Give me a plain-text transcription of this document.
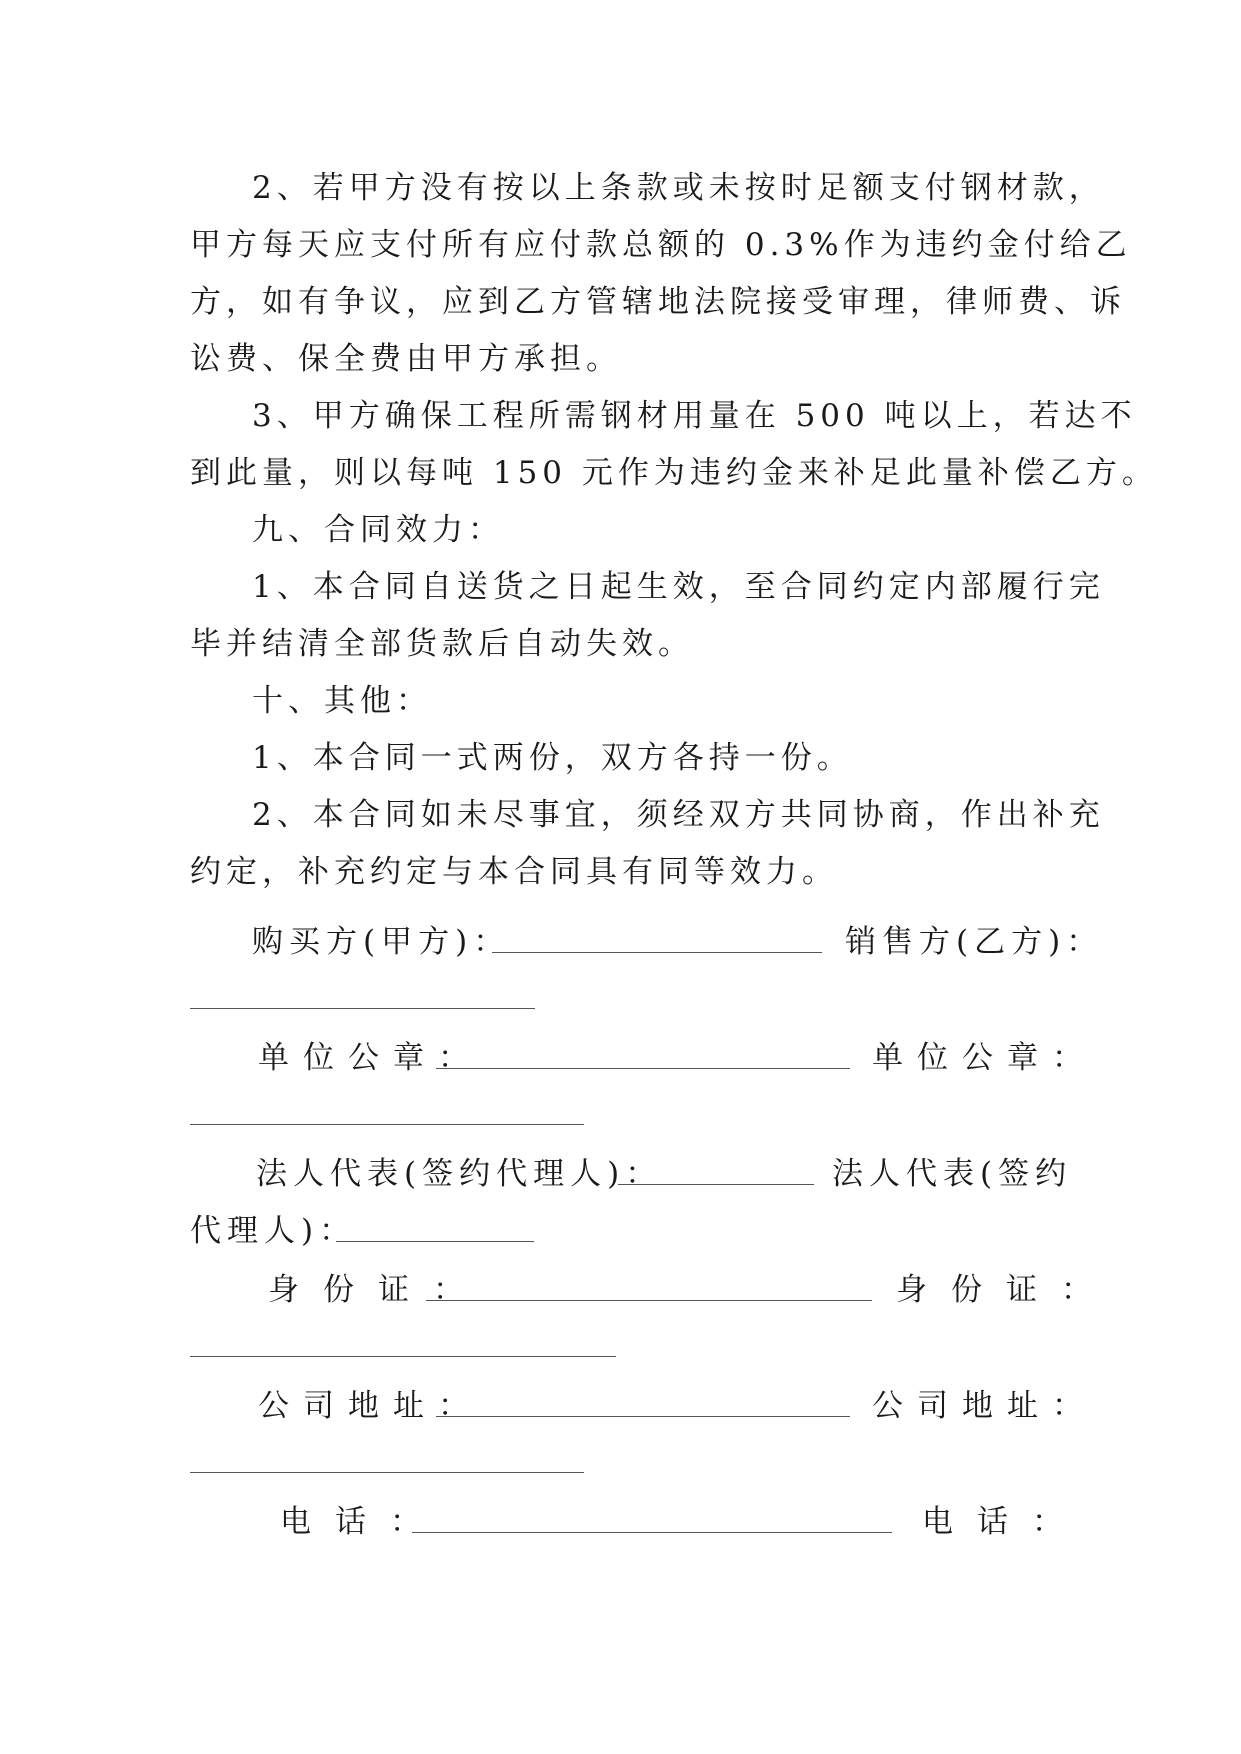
2、若甲方没有按以上条款或未按时足额支付钢材款，
甲方每天应支付所有应付款总额的 0.3%作为违约金付给乙
方，如有争议，应到乙方管辖地法院接受审理，律师费、诉
讼费、保全费由甲方承担。
3、甲方确保工程所需钢材用量在 500 吨以上，若达不
到此量，则以每吨 150 元作为违约金来补足此量补偿乙方。
九、合同效力：
1、本合同自送货之日起生效，至合同约定内部履行完
毕并结清全部货款后自动失效。
十、其他：
1、本合同一式两份，双方各持一份。
2、本合同如未尽事宜，须经双方共同协商，作出补充
约定，补充约定与本合同具有同等效力。
购买方(甲方)：	销售方(乙方)：
单位公章：	单位公章：
法人代表(签约代理人)：	法人代表(签约
代理人)：
身份证：	身份证：
公司地址：	公司地址：
电话：	电话：
